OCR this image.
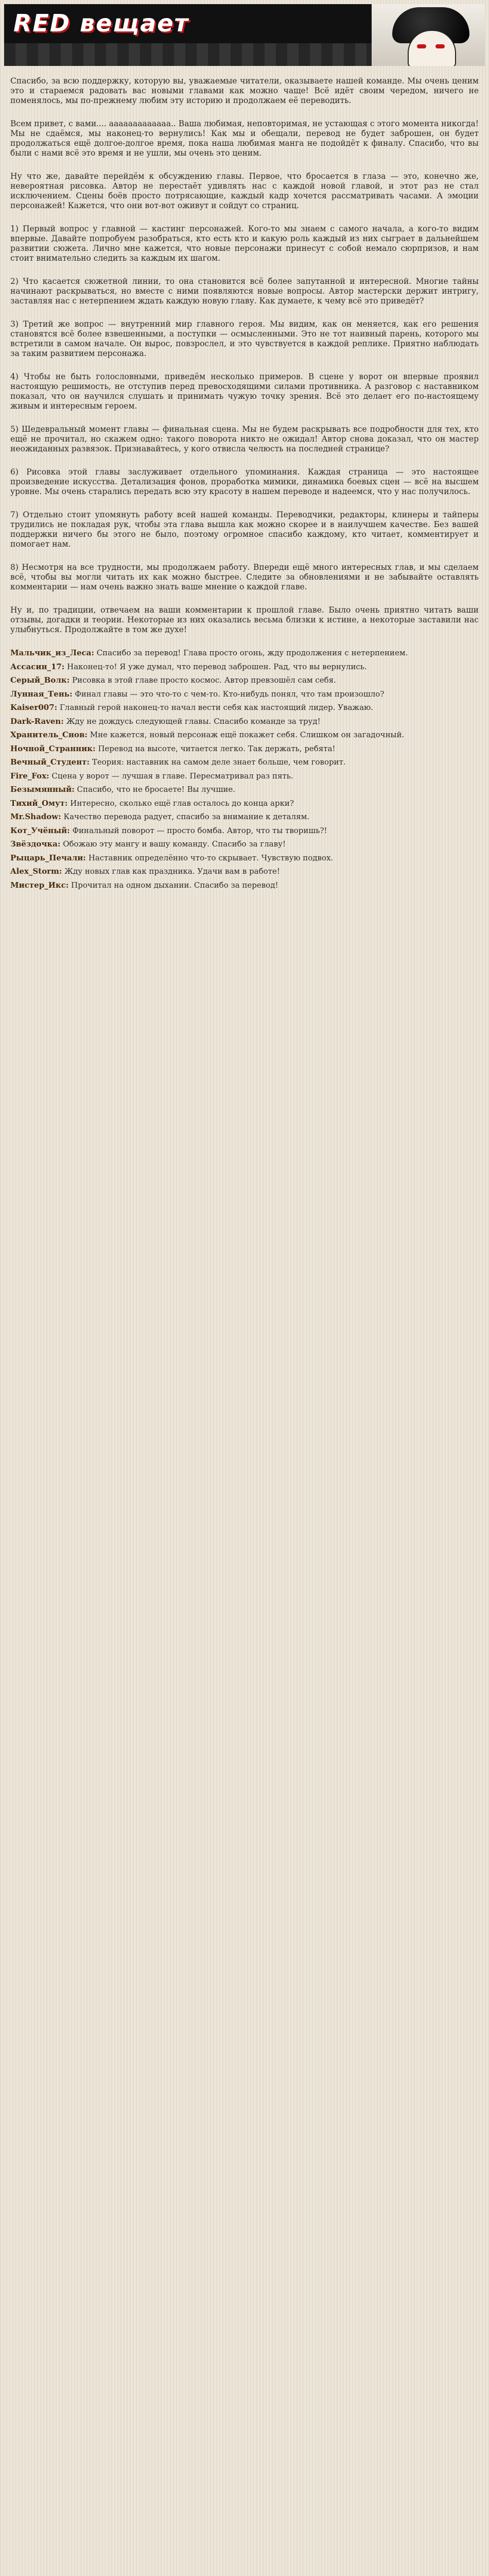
RED вещает

Спасибо, за всю поддержку, которую вы, уважаемые читатели, оказываете нашей команде. Мы очень ценим это и стараемся радовать вас новыми главами как можно чаще! Всё идёт своим чередом, ничего не поменялось, мы по-прежнему любим эту историю и продолжаем её переводить.

Всем привет, с вами.... ааааааааааааа.. Ваша любимая, неповторимая, не устающая с этого момента никогда! Мы не сдаёмся, мы наконец-то вернулись! Как мы и обещали, перевод не будет заброшен, он будет продолжаться ещё долгое-долгое время, пока наша любимая манга не подойдёт к финалу. Спасибо, что вы были с нами всё это время и не ушли, мы очень это ценим.

Ну что же, давайте перейдём к обсуждению главы. Первое, что бросается в глаза — это, конечно же, невероятная рисовка. Автор не перестаёт удивлять нас с каждой новой главой, и этот раз не стал исключением. Сцены боёв просто потрясающие, каждый кадр хочется рассматривать часами. А эмоции персонажей! Кажется, что они вот-вот оживут и сойдут со страниц.

1) Первый вопрос у главной — кастинг персонажей. Кого-то мы знаем с самого начала, а кого-то видим впервые. Давайте попробуем разобраться, кто есть кто и какую роль каждый из них сыграет в дальнейшем развитии сюжета. Лично мне кажется, что новые персонажи принесут с собой немало сюрпризов, и нам стоит внимательно следить за каждым их шагом.

2) Что касается сюжетной линии, то она становится всё более запутанной и интересной. Многие тайны начинают раскрываться, но вместе с ними появляются новые вопросы. Автор мастерски держит интригу, заставляя нас с нетерпением ждать каждую новую главу. Как думаете, к чему всё это приведёт?

3) Третий же вопрос — внутренний мир главного героя. Мы видим, как он меняется, как его решения становятся всё более взвешенными, а поступки — осмысленными. Это не тот наивный парень, которого мы встретили в самом начале. Он вырос, повзрослел, и это чувствуется в каждой реплике. Приятно наблюдать за таким развитием персонажа.

4) Чтобы не быть голословными, приведём несколько примеров. В сцене у ворот он впервые проявил настоящую решимость, не отступив перед превосходящими силами противника. А разговор с наставником показал, что он научился слушать и принимать чужую точку зрения. Всё это делает его по-настоящему живым и интересным героем.

5) Шедевральный момент главы — финальная сцена. Мы не будем раскрывать все подробности для тех, кто ещё не прочитал, но скажем одно: такого поворота никто не ожидал! Автор снова доказал, что он мастер неожиданных развязок. Признавайтесь, у кого отвисла челюсть на последней странице?

6) Рисовка этой главы заслуживает отдельного упоминания. Каждая страница — это настоящее произведение искусства. Детализация фонов, проработка мимики, динамика боевых сцен — всё на высшем уровне. Мы очень старались передать всю эту красоту в нашем переводе и надеемся, что у нас получилось.

7) Отдельно стоит упомянуть работу всей нашей команды. Переводчики, редакторы, клинеры и тайперы трудились не покладая рук, чтобы эта глава вышла как можно скорее и в наилучшем качестве. Без вашей поддержки ничего бы этого не было, поэтому огромное спасибо каждому, кто читает, комментирует и помогает нам.

8) Несмотря на все трудности, мы продолжаем работу. Впереди ещё много интересных глав, и мы сделаем всё, чтобы вы могли читать их как можно быстрее. Следите за обновлениями и не забывайте оставлять комментарии — нам очень важно знать ваше мнение о каждой главе.

Ну и, по традиции, отвечаем на ваши комментарии к прошлой главе. Было очень приятно читать ваши отзывы, догадки и теории. Некоторые из них оказались весьма близки к истине, а некоторые заставили нас улыбнуться. Продолжайте в том же духе!

Мальчик_из_Леса: Спасибо за перевод! Глава просто огонь, жду продолжения с нетерпением.

Ассасин_17: Наконец-то! Я уже думал, что перевод заброшен. Рад, что вы вернулись.

Серый_Волк: Рисовка в этой главе просто космос. Автор превзошёл сам себя.

Лунная_Тень: Финал главы — это что-то с чем-то. Кто-нибудь понял, что там произошло?

Kaiser007: Главный герой наконец-то начал вести себя как настоящий лидер. Уважаю.

Dark-Raven: Жду не дождусь следующей главы. Спасибо команде за труд!

Хранитель_Снов: Мне кажется, новый персонаж ещё покажет себя. Слишком он загадочный.

Ночной_Странник: Перевод на высоте, читается легко. Так держать, ребята!

Вечный_Студент: Теория: наставник на самом деле знает больше, чем говорит.

Fire_Fox: Сцена у ворот — лучшая в главе. Пересматривал раз пять.

Безымянный: Спасибо, что не бросаете! Вы лучшие.

Тихий_Омут: Интересно, сколько ещё глав осталось до конца арки?

Mr.Shadow: Качество перевода радует, спасибо за внимание к деталям.

Кот_Учёный: Финальный поворот — просто бомба. Автор, что ты творишь?!

Звёздочка: Обожаю эту мангу и вашу команду. Спасибо за главу!

Рыцарь_Печали: Наставник определённо что-то скрывает. Чувствую подвох.

Alex_Storm: Жду новых глав как праздника. Удачи вам в работе!

Мистер_Икс: Прочитал на одном дыхании. Спасибо за перевод!
